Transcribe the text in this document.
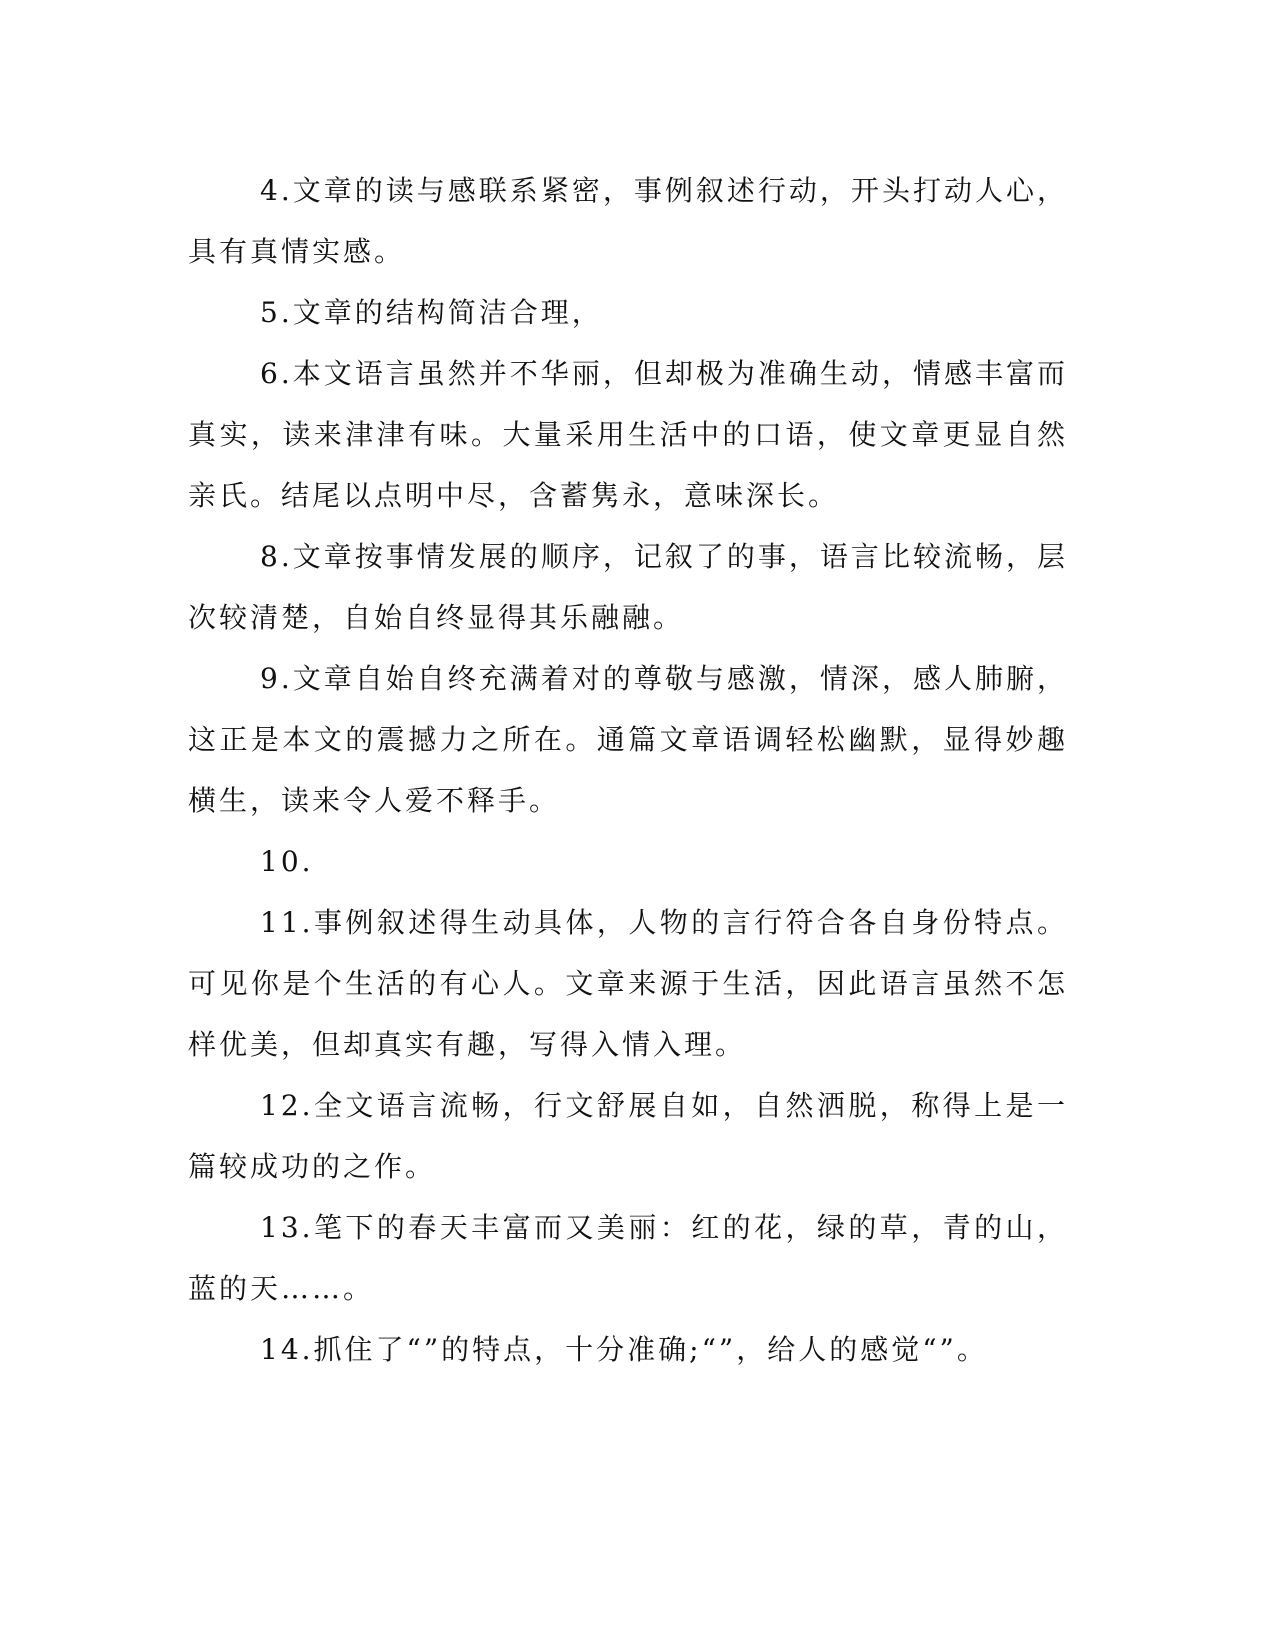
4.文章的读与感联系紧密，事例叙述行动，开头打动人心，具有真情实感。

5.文章的结构简洁合理，

6.本文语言虽然并不华丽，但却极为准确生动，情感丰富而真实，读来津津有味。大量采用生活中的口语，使文章更显自然亲氏。结尾以点明中尽，含蓄隽永，意味深长。

8.文章按事情发展的顺序，记叙了的事，语言比较流畅，层次较清楚，自始自终显得其乐融融。

9.文章自始自终充满着对的尊敬与感激，情深，感人肺腑，这正是本文的震撼力之所在。通篇文章语调轻松幽默，显得妙趣横生，读来令人爱不释手。

10.

11.事例叙述得生动具体，人物的言行符合各自身份特点。可见你是个生活的有心人。文章来源于生活，因此语言虽然不怎样优美，但却真实有趣，写得入情入理。

12.全文语言流畅，行文舒展自如，自然洒脱，称得上是一篇较成功的之作。

13.笔下的春天丰富而又美丽：红的花，绿的草，青的山，蓝的天……。

14.抓住了“”的特点，十分准确;“”，给人的感觉“”。
